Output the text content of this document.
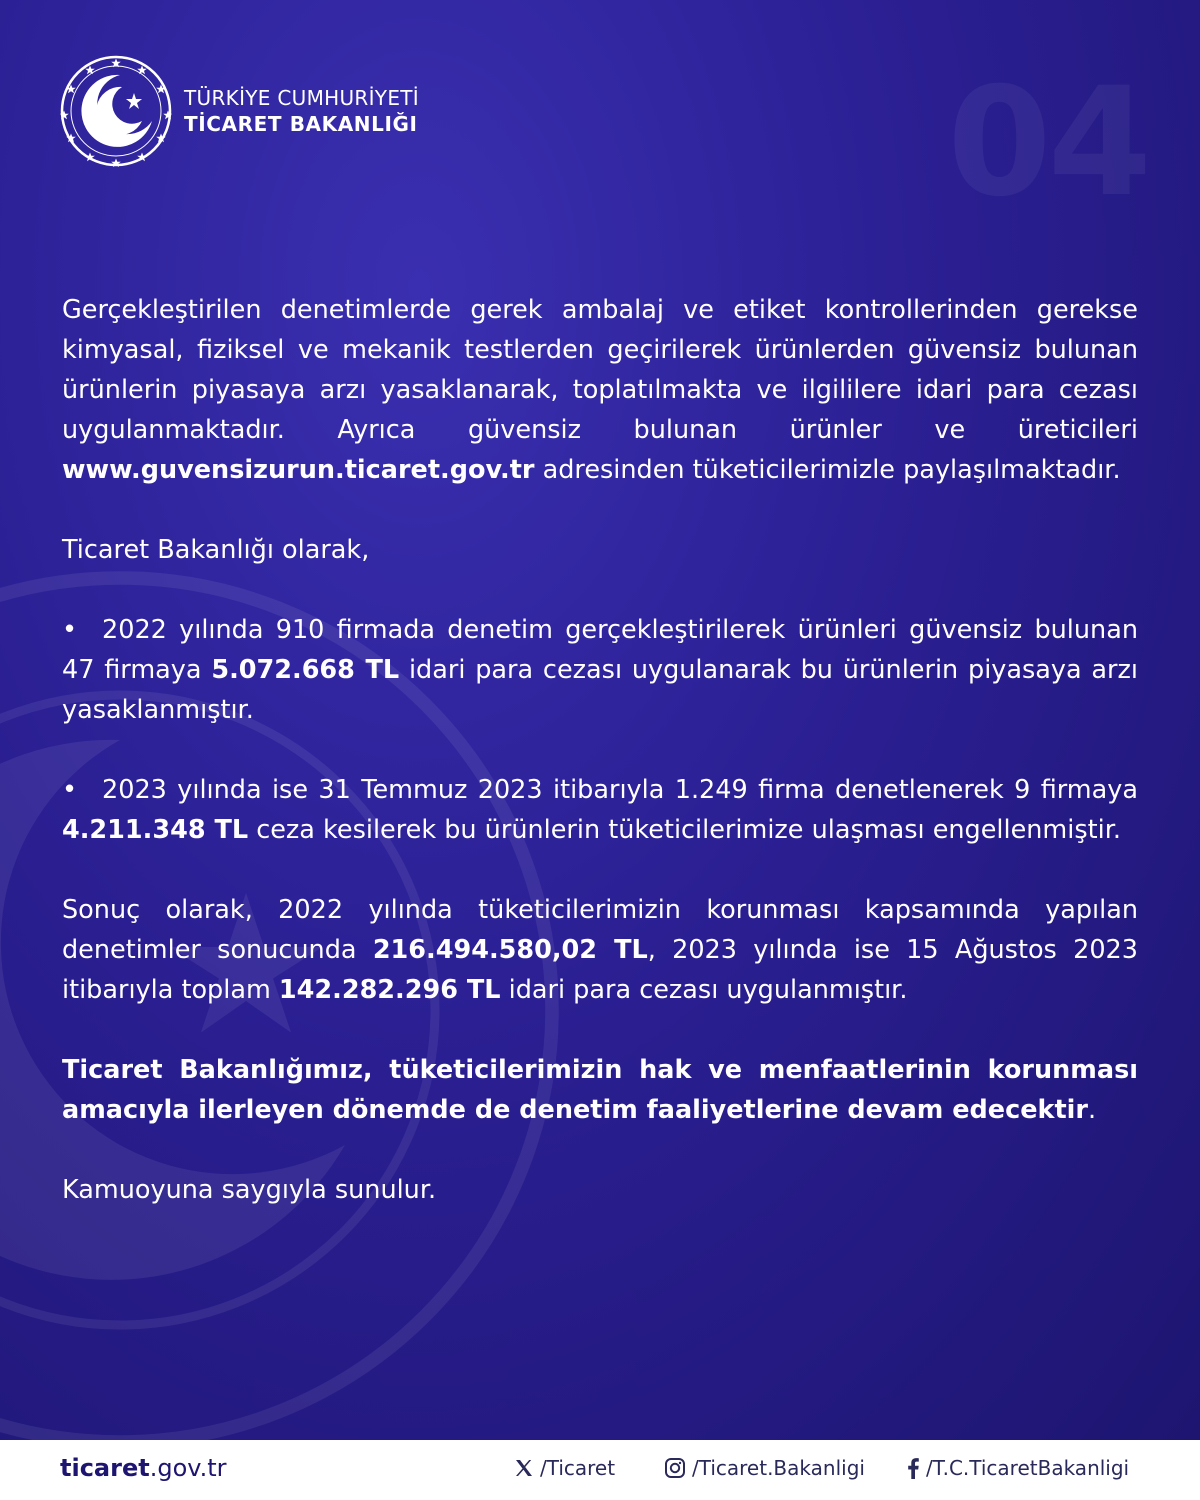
04
TÜRKİYE CUMHURİYETİ
TİCARET BAKANLIĞI

Gerçekleştirilen denetimlerde gerek ambalaj ve etiket kontrollerinden gerekse kimyasal, fiziksel ve mekanik testlerden geçirilerek ürünlerden güvensiz bulunan ürünlerin piyasaya arzı yasaklanarak, toplatılmakta ve ilgililere idari para cezası uygulanmaktadır. Ayrıca güvensiz bulunan ürünler ve üreticileri www.guvensizurun.ticaret.gov.tr adresinden tüketicilerimizle paylaşılmaktadır.

Ticaret Bakanlığı olarak,

• 2022 yılında 910 firmada denetim gerçekleştirilerek ürünleri güvensiz bulunan 47 firmaya 5.072.668 TL idari para cezası uygulanarak bu ürünlerin piyasaya arzı yasaklanmıştır.

• 2023 yılında ise 31 Temmuz 2023 itibarıyla 1.249 firma denetlenerek 9 firmaya 4.211.348 TL ceza kesilerek bu ürünlerin tüketicilerimize ulaşması engellenmiştir.

Sonuç olarak, 2022 yılında tüketicilerimizin korunması kapsamında yapılan denetimler sonucunda 216.494.580,02 TL, 2023 yılında ise 15 Ağustos 2023 itibarıyla toplam 142.282.296 TL idari para cezası uygulanmıştır.

Ticaret Bakanlığımız, tüketicilerimizin hak ve menfaatlerinin korunması amacıyla ilerleyen dönemde de denetim faaliyetlerine devam edecektir.

Kamuoyuna saygıyla sunulur.

ticaret.gov.tr	/Ticaret	/Ticaret.Bakanligi	/T.C.TicaretBakanligi
